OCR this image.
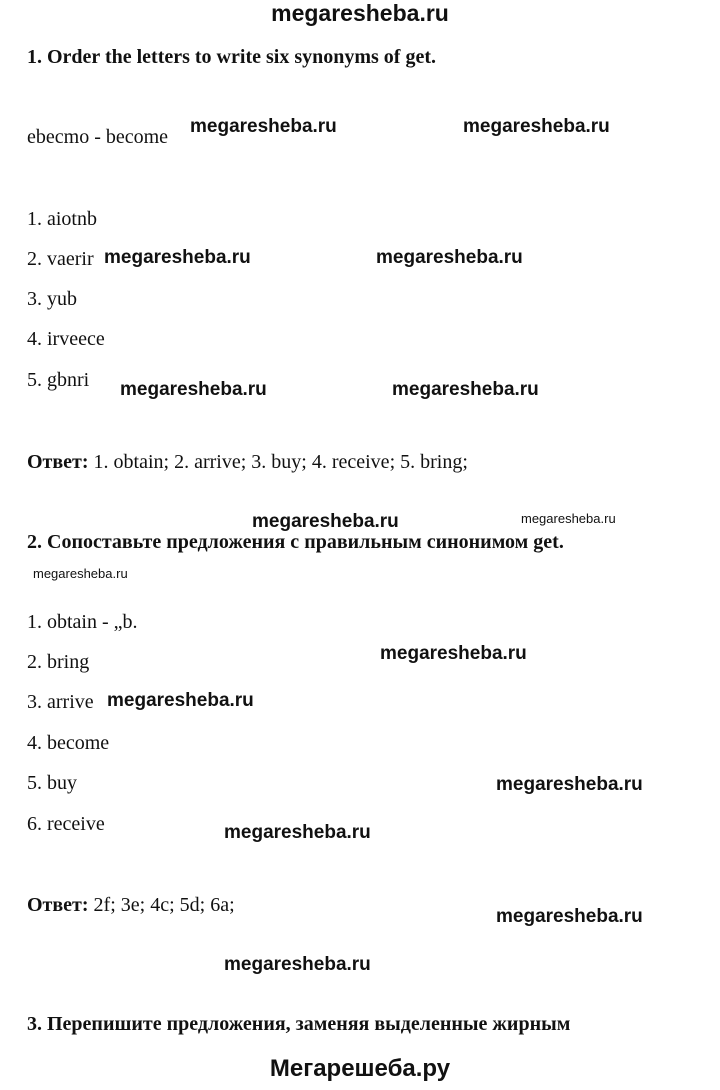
megaresheba.ru
1. Order the letters to write six synonyms of get.
ebecmo - become
1. aiotnb
2. vaerir
3. yub
4. irveece
5. gbnri
Ответ: 1. obtain; 2. arrive; 3. buy; 4. receive; 5. bring;
2. Сопоставьте предложения с правильным синонимом get.
1. obtain - „b.
2. bring
3. arrive
4. become
5. buy
6. receive
Ответ: 2f; 3e; 4c; 5d; 6a;
3. Перепишите предложения, заменяя выделенные жирным
megaresheba.ru	megaresheba.ru
megaresheba.ru	megaresheba.ru
megaresheba.ru	megaresheba.ru
megaresheba.ru	megaresheba.ru
megaresheba.ru
megaresheba.ru
megaresheba.ru
megaresheba.ru
megaresheba.ru
megaresheba.ru
megaresheba.ru
Мегарешеба.ру
